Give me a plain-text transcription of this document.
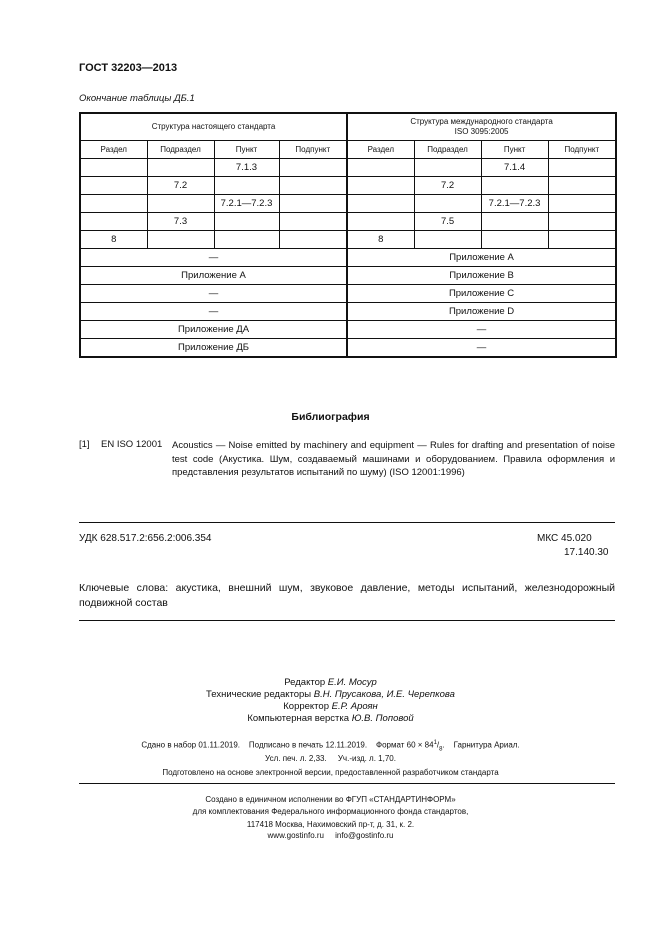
ГОСТ 32203—2013
Окончание таблицы ДБ.1
Структура настоящего стандарта				Структура международного стандарта
ISO 3095:2005			
Раздел	Подраздел	Пункт	Подпункт	Раздел	Подраздел	Пункт	Подпункт
		7.1.3				7.1.4	
	7.2				7.2		
		7.2.1—7.2.3				7.2.1—7.2.3	
	7.3				7.5		
8				8			
—				Приложение А			
Приложение А				Приложение В			
—				Приложение С			
—				Приложение D			
Приложение ДА				—			
Приложение ДБ				—			
Библиография
[1] EN ISO 12001 Acoustics — Noise emitted by machinery and equipment — Rules for drafting and presentation of noise test code (Акустика. Шум, создаваемый машинами и оборудованием. Правила оформления и представления результатов испытаний по шуму) (ISO 12001:1996)
УДК 628.517.2:656.2:006.354	МКС 45.020
17.140.30
Ключевые слова: акустика, внешний шум, звуковое давление, методы испытаний, железнодорожный подвижной состав
Редактор Е.И. Мосур
Технические редакторы В.Н. Прусакова, И.Е. Черепкова
Корректор Е.Р. Ароян
Компьютерная верстка Ю.В. Поповой
Сдано в набор 01.11.2019. Подписано в печать 12.11.2019. Формат $60 \times 84^1/_8$.    Гарнитура Ариал.
Усл. печ. л. 2,33.     Уч.-изд. л. 1,70.
Подготовлено на основе электронной версии, предоставленной разработчиком стандарта
Создано в единичном исполнении во ФГУП «СТАНДАРТИНФОРМ»
для комплектования Федерального информационного фонда стандартов,
117418 Москва, Нахимовский пр-т, д. 31, к. 2.
www.gostinfo.ru     info@gostinfo.ru
